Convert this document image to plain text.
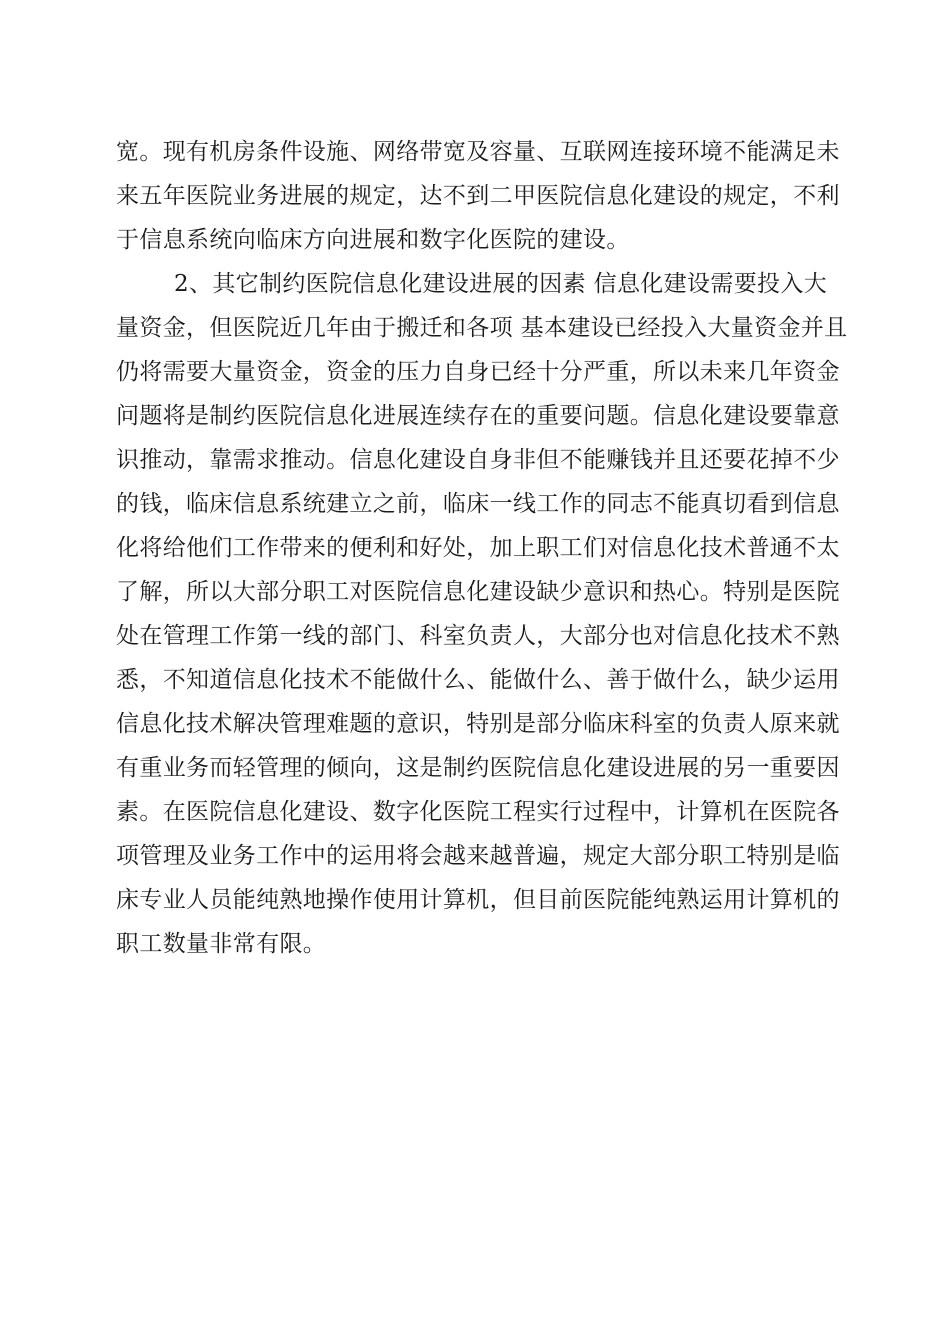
宽。现有机房条件设施、网络带宽及容量、互联网连接环境不能满足未
来五年医院业务进展的规定，达不到二甲医院信息化建设的规定，不利
于信息系统向临床方向进展和数字化医院的建设。
2、其它制约医院信息化建设进展的因素 信息化建设需要投入大
量资金，但医院近几年由于搬迁和各项 基本建设已经投入大量资金并且
仍将需要大量资金，资金的压力自身已经十分严重，所以未来几年资金
问题将是制约医院信息化进展连续存在的重要问题。信息化建设要靠意
识推动，靠需求推动。信息化建设自身非但不能赚钱并且还要花掉不少
的钱，临床信息系统建立之前，临床一线工作的同志不能真切看到信息
化将给他们工作带来的便利和好处，加上职工们对信息化技术普通不太
了解，所以大部分职工对医院信息化建设缺少意识和热心。特别是医院
处在管理工作第一线的部门、科室负责人，大部分也对信息化技术不熟
悉，不知道信息化技术不能做什么、能做什么、善于做什么，缺少运用
信息化技术解决管理难题的意识，特别是部分临床科室的负责人原来就
有重业务而轻管理的倾向，这是制约医院信息化建设进展的另一重要因
素。在医院信息化建设、数字化医院工程实行过程中，计算机在医院各
项管理及业务工作中的运用将会越来越普遍，规定大部分职工特别是临
床专业人员能纯熟地操作使用计算机，但目前医院能纯熟运用计算机的
职工数量非常有限。
